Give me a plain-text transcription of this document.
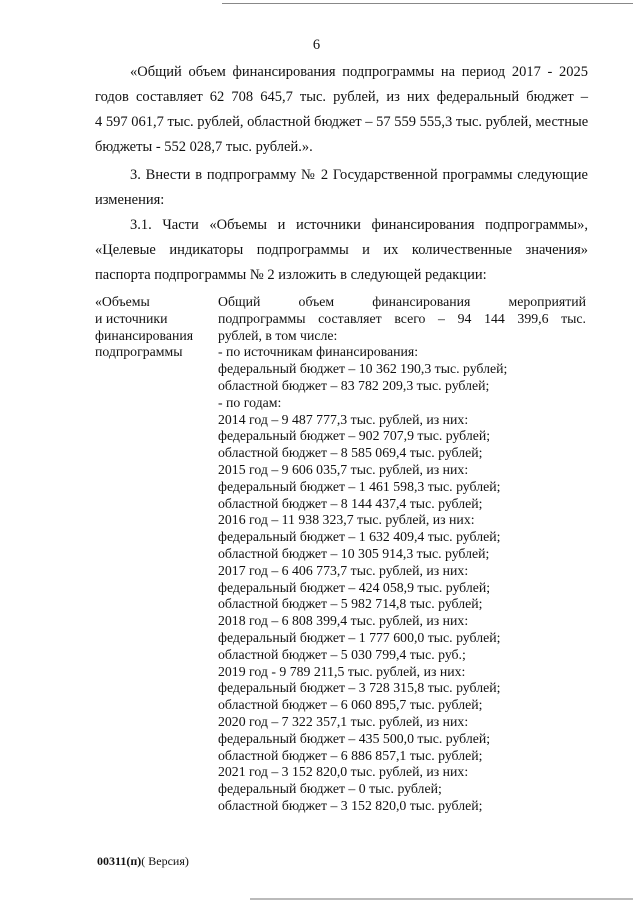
6
«Общий объем финансирования подпрограммы на период 2017 - 2025
годов составляет 62 708 645,7 тыс. рублей, из них федеральный бюджет –
4 597 061,7 тыс. рублей, областной бюджет – 57 559 555,3 тыс. рублей, местные
бюджеты - 552 028,7 тыс. рублей.».
3. Внести в подпрограмму № 2 Государственной программы следующие
изменения:
3.1. Части «Объемы и источники финансирования подпрограммы»,
«Целевые индикаторы подпрограммы и их количественные значения»
паспорта подпрограммы № 2 изложить в следующей редакции:
«Объемы
и источники
финансирования
подпрограммы
Общий объем финансирования мероприятий
подпрограммы составляет всего – 94 144 399,6 тыс.
рублей, в том числе:
- по источникам финансирования:
федеральный бюджет – 10 362 190,3 тыс. рублей;
областной бюджет – 83 782 209,3 тыс. рублей;
- по годам:
2014 год – 9 487 777,3 тыс. рублей, из них:
федеральный бюджет – 902 707,9 тыс. рублей;
областной бюджет – 8 585 069,4 тыс. рублей;
2015 год – 9 606 035,7 тыс. рублей, из них:
федеральный бюджет – 1 461 598,3 тыс. рублей;
областной бюджет – 8 144 437,4 тыс. рублей;
2016 год – 11 938 323,7 тыс. рублей, из них:
федеральный бюджет – 1 632 409,4 тыс. рублей;
областной бюджет – 10 305 914,3 тыс. рублей;
2017 год – 6 406 773,7 тыс. рублей, из них:
федеральный бюджет – 424 058,9 тыс. рублей;
областной бюджет – 5 982 714,8 тыс. рублей;
2018 год – 6 808 399,4 тыс. рублей, из них:
федеральный бюджет – 1 777 600,0 тыс. рублей;
областной бюджет – 5 030 799,4 тыс. руб.;
2019 год - 9 789 211,5 тыс. рублей, из них:
федеральный бюджет – 3 728 315,8 тыс. рублей;
областной бюджет – 6 060 895,7 тыс. рублей;
2020 год – 7 322 357,1 тыс. рублей, из них:
федеральный бюджет – 435 500,0 тыс. рублей;
областной бюджет – 6 886 857,1 тыс. рублей;
2021 год – 3 152 820,0 тыс. рублей, из них:
федеральный бюджет – 0 тыс. рублей;
областной бюджет – 3 152 820,0 тыс. рублей;
00311(п)( Версия)
